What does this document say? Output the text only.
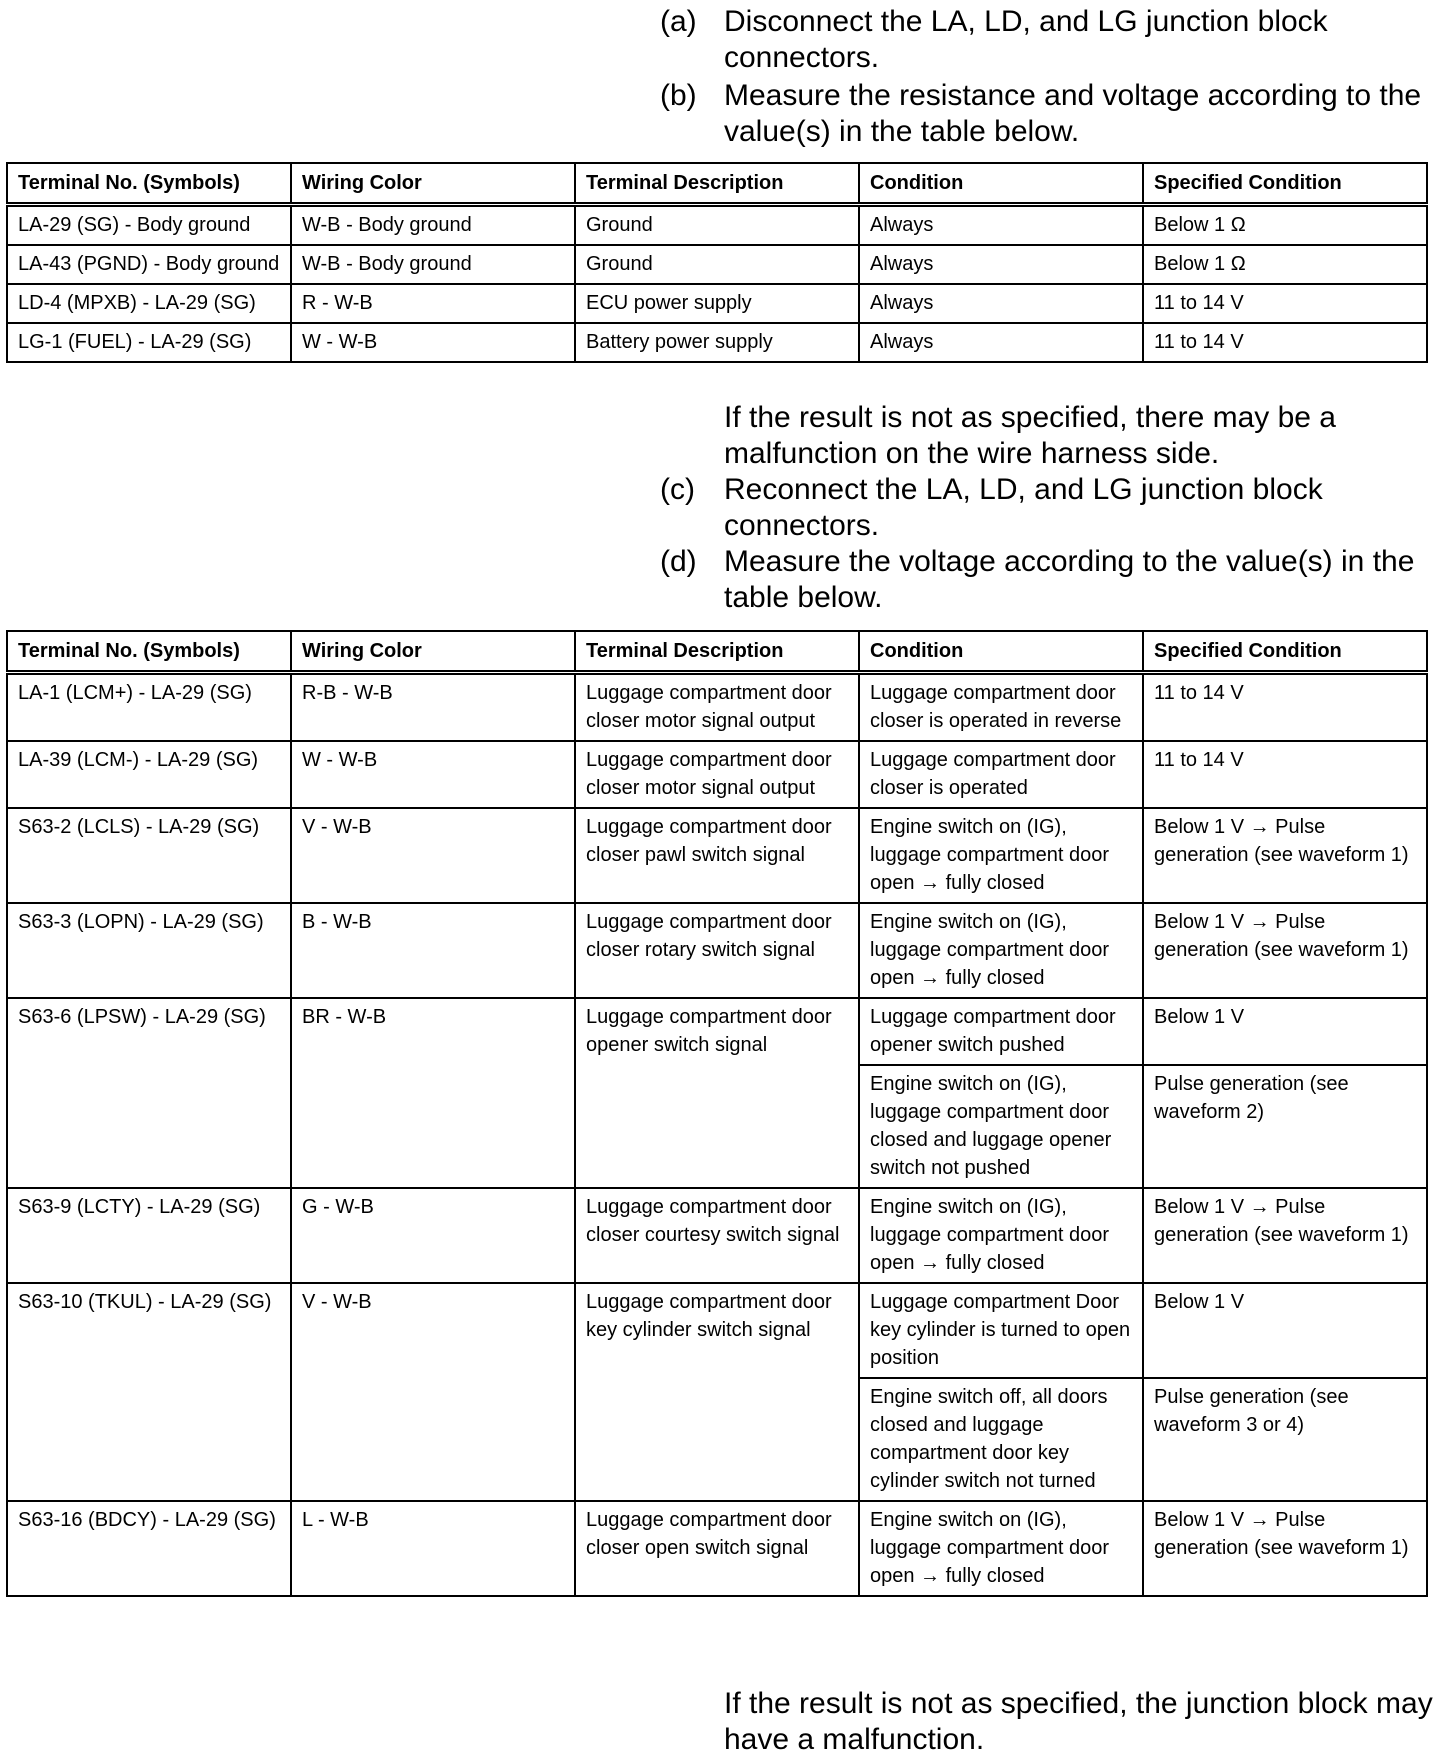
(a) Disconnect the LA, LD, and LG junction block connectors.
(b) Measure the resistance and voltage according to the value(s) in the table below.
Terminal No. (Symbols)	Wiring Color	Terminal Description	Condition	Specified Condition
LA-29 (SG) - Body ground	W-B - Body ground	Ground	Always	Below 1 Ω
LA-43 (PGND) - Body ground	W-B - Body ground	Ground	Always	Below 1 Ω
LD-4 (MPXB) - LA-29 (SG)	R - W-B	ECU power supply	Always	11 to 14 V
LG-1 (FUEL) - LA-29 (SG)	W - W-B	Battery power supply	Always	11 to 14 V
If the result is not as specified, there may be a malfunction on the wire harness side.
(c) Reconnect the LA, LD, and LG junction block connectors.
(d) Measure the voltage according to the value(s) in the table below.
Terminal No. (Symbols)	Wiring Color	Terminal Description	Condition	Specified Condition
LA-1 (LCM+) - LA-29 (SG)	R-B - W-B	Luggage compartment door closer motor signal output	Luggage compartment door closer is operated in reverse	11 to 14 V
LA-39 (LCM-) - LA-29 (SG)	W - W-B	Luggage compartment door closer motor signal output	Luggage compartment door closer is operated	11 to 14 V
S63-2 (LCLS) - LA-29 (SG)	V - W-B	Luggage compartment door closer pawl switch signal	Engine switch on (IG), luggage compartment door open → fully closed	Below 1 V → Pulse generation (see waveform 1)
S63-3 (LOPN) - LA-29 (SG)	B - W-B	Luggage compartment door closer rotary switch signal	Engine switch on (IG), luggage compartment door open → fully closed	Below 1 V → Pulse generation (see waveform 1)
S63-6 (LPSW) - LA-29 (SG)	BR - W-B	Luggage compartment door opener switch signal	Luggage compartment door opener switch pushed	Below 1 V
			Engine switch on (IG), luggage compartment door closed and luggage opener switch not pushed	Pulse generation (see waveform 2)
S63-9 (LCTY) - LA-29 (SG)	G - W-B	Luggage compartment door closer courtesy switch signal	Engine switch on (IG), luggage compartment door open → fully closed	Below 1 V → Pulse generation (see waveform 1)
S63-10 (TKUL) - LA-29 (SG)	V - W-B	Luggage compartment door key cylinder switch signal	Luggage compartment Door key cylinder is turned to open position	Below 1 V
			Engine switch off, all doors closed and luggage compartment door key cylinder switch not turned	Pulse generation (see waveform 3 or 4)
S63-16 (BDCY) - LA-29 (SG)	L - W-B	Luggage compartment door closer open switch signal	Engine switch on (IG), luggage compartment door open → fully closed	Below 1 V → Pulse generation (see waveform 1)
If the result is not as specified, the junction block may have a malfunction.
